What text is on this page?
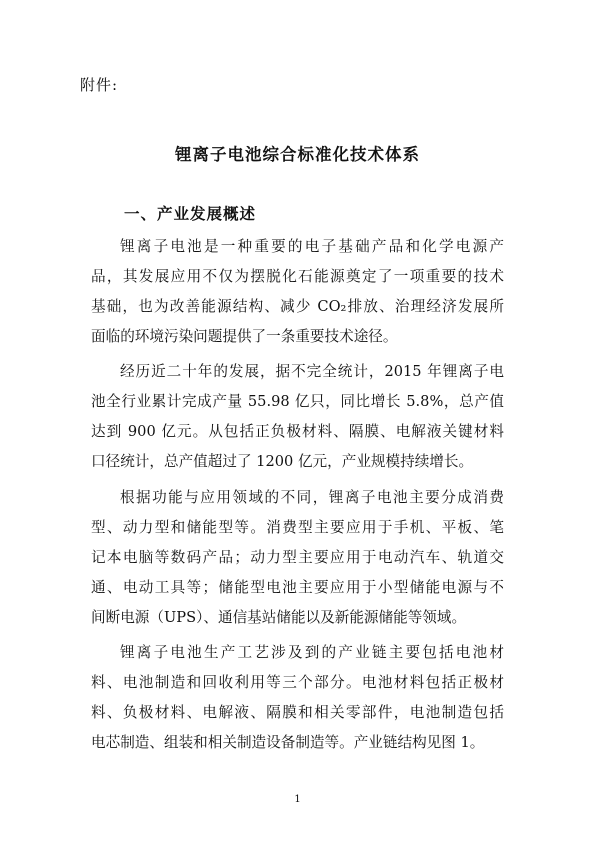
附件:
锂离子电池综合标准化技术体系
一、产业发展概述
锂离子电池是一种重要的电子基础产品和化学电源产
品，其发展应用不仅为摆脱化石能源奠定了一项重要的技术
基础，也为改善能源结构、减少 CO₂排放、治理经济发展所
面临的环境污染问题提供了一条重要技术途径。
经历近二十年的发展，据不完全统计，2015 年锂离子电
池全行业累计完成产量 55.98 亿只，同比增长 5.8%，总产值
达到 900 亿元。从包括正负极材料、隔膜、电解液关键材料
口径统计，总产值超过了 1200 亿元，产业规模持续增长。
根据功能与应用领域的不同，锂离子电池主要分成消费
型、动力型和储能型等。消费型主要应用于手机、平板、笔
记本电脑等数码产品；动力型主要应用于电动汽车、轨道交
通、电动工具等；储能型电池主要应用于小型储能电源与不
间断电源（UPS）、通信基站储能以及新能源储能等领域。
锂离子电池生产工艺涉及到的产业链主要包括电池材
料、电池制造和回收利用等三个部分。电池材料包括正极材
料、负极材料、电解液、隔膜和相关零部件，电池制造包括
电芯制造、组装和相关制造设备制造等。产业链结构见图 1。
1
